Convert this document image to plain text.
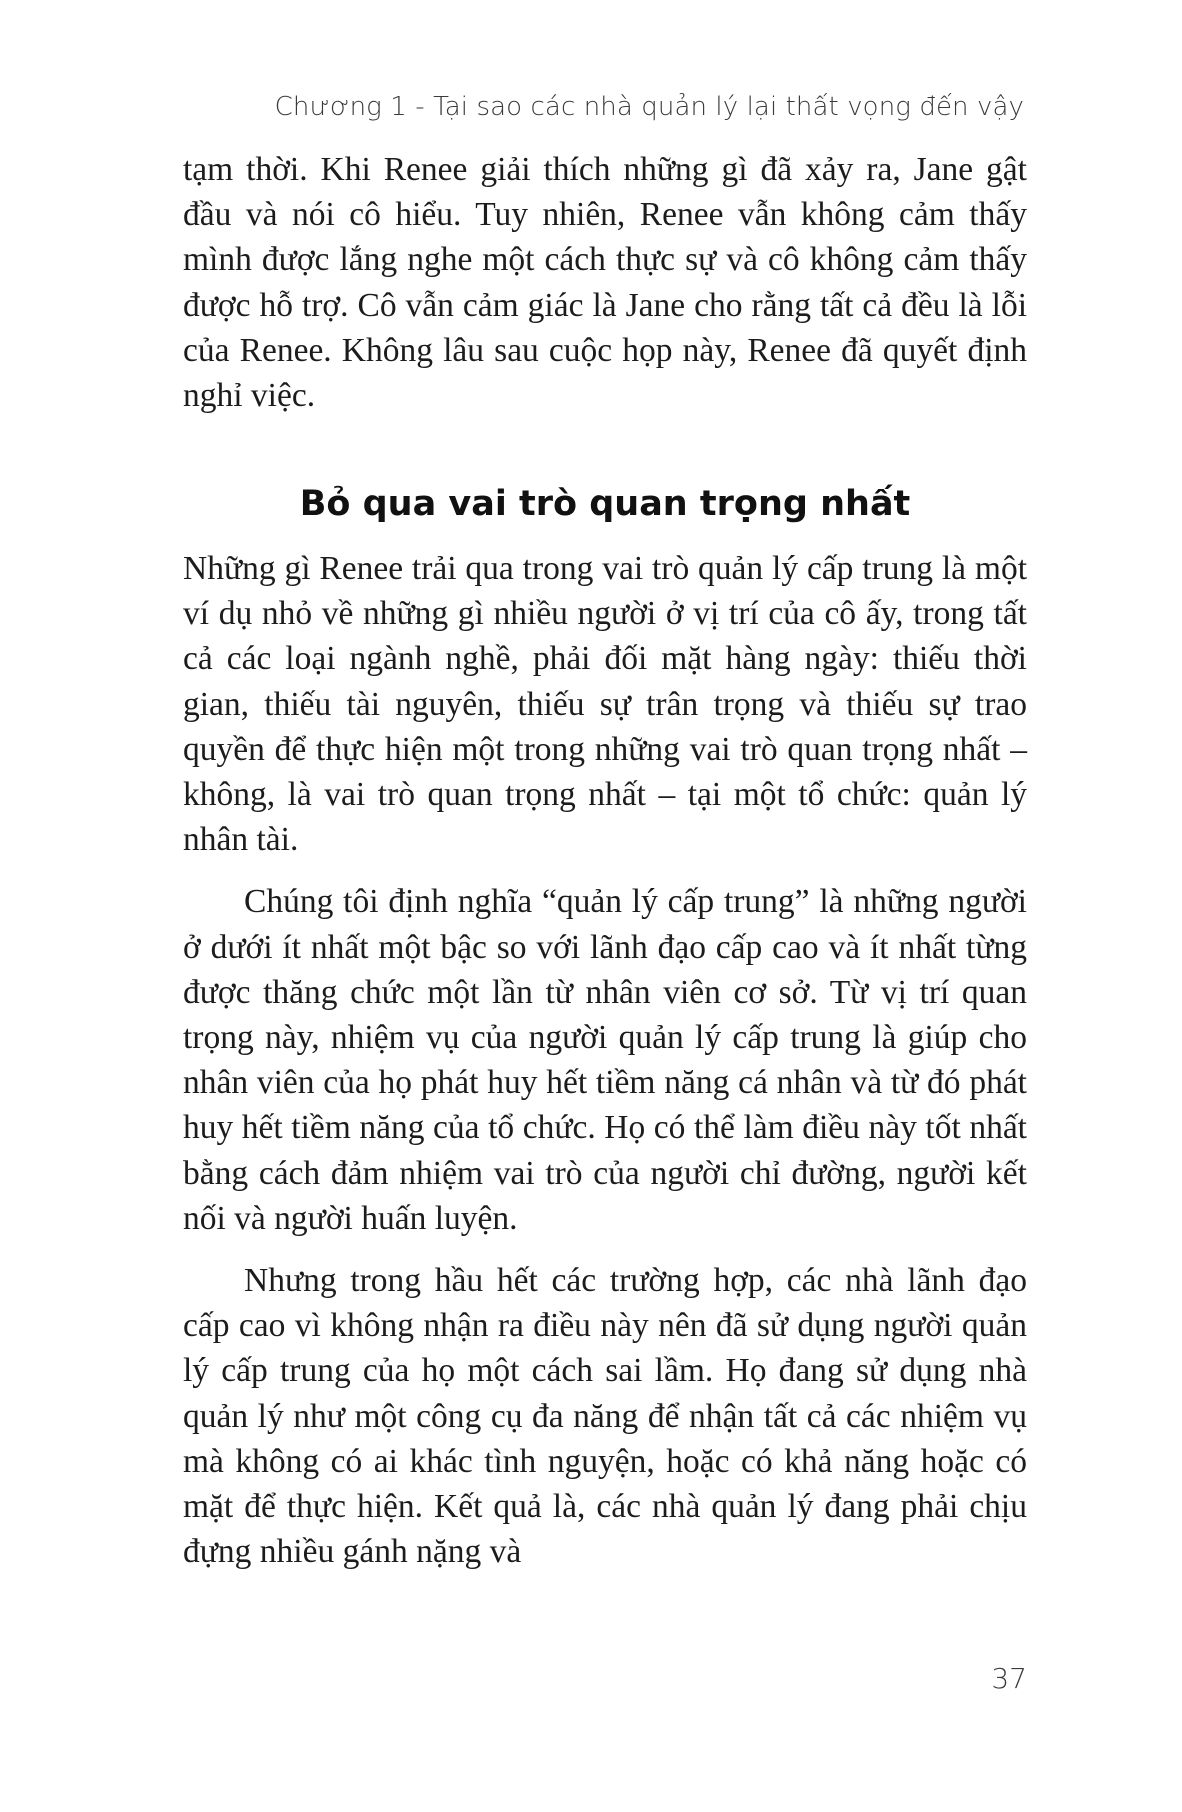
Chương 1 - Tại sao các nhà quản lý lại thất vọng đến vậy

tạm thời. Khi Renee giải thích những gì đã xảy ra, Jane gật đầu và nói cô hiểu. Tuy nhiên, Renee vẫn không cảm thấy mình được lắng nghe một cách thực sự và cô không cảm thấy được hỗ trợ. Cô vẫn cảm giác là Jane cho rằng tất cả đều là lỗi của Renee. Không lâu sau cuộc họp này, Renee đã quyết định nghỉ việc.

Bỏ qua vai trò quan trọng nhất

Những gì Renee trải qua trong vai trò quản lý cấp trung là một ví dụ nhỏ về những gì nhiều người ở vị trí của cô ấy, trong tất cả các loại ngành nghề, phải đối mặt hàng ngày: thiếu thời gian, thiếu tài nguyên, thiếu sự trân trọng và thiếu sự trao quyền để thực hiện một trong những vai trò quan trọng nhất – không, là vai trò quan trọng nhất – tại một tổ chức: quản lý nhân tài.

Chúng tôi định nghĩa “quản lý cấp trung” là những người ở dưới ít nhất một bậc so với lãnh đạo cấp cao và ít nhất từng được thăng chức một lần từ nhân viên cơ sở. Từ vị trí quan trọng này, nhiệm vụ của người quản lý cấp trung là giúp cho nhân viên của họ phát huy hết tiềm năng cá nhân và từ đó phát huy hết tiềm năng của tổ chức. Họ có thể làm điều này tốt nhất bằng cách đảm nhiệm vai trò của người chỉ đường, người kết nối và người huấn luyện.

Nhưng trong hầu hết các trường hợp, các nhà lãnh đạo cấp cao vì không nhận ra điều này nên đã sử dụng người quản lý cấp trung của họ một cách sai lầm. Họ đang sử dụng nhà quản lý như một công cụ đa năng để nhận tất cả các nhiệm vụ mà không có ai khác tình nguyện, hoặc có khả năng hoặc có mặt để thực hiện. Kết quả là, các nhà quản lý đang phải chịu đựng nhiều gánh nặng và

37
